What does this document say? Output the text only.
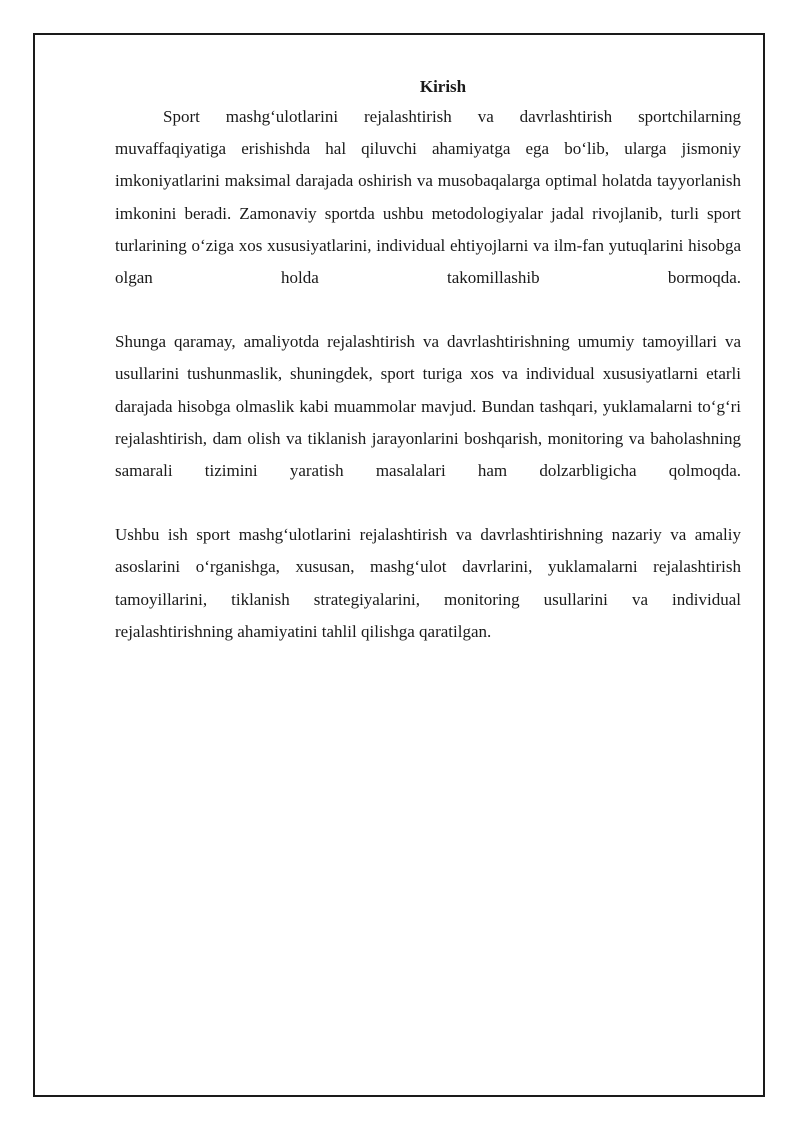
Kirish

Sport mashg‘ulotlarini rejalashtirish va davrlashtirish sportchilarning muvaffaqiyatiga erishishda hal qiluvchi ahamiyatga ega bo‘lib, ularga jismoniy imkoniyatlarini maksimal darajada oshirish va musobaqalarga optimal holatda tayyorlanish imkonini beradi. Zamonaviy sportda ushbu metodologiyalar jadal rivojlanib, turli sport turlarining o‘ziga xos xususiyatlarini, individual ehtiyojlarni va ilm-fan yutuqlarini hisobga olgan holda takomillashib bormoqda.

Shunga qaramay, amaliyotda rejalashtirish va davrlashtirishning umumiy tamoyillari va usullarini tushunmaslik, shuningdek, sport turiga xos va individual xususiyatlarni etarli darajada hisobga olmaslik kabi muammolar mavjud. Bundan tashqari, yuklamalarni to‘g‘ri rejalashtirish, dam olish va tiklanish jarayonlarini boshqarish, monitoring va baholashning samarali tizimini yaratish masalalari ham dolzarbligicha qolmoqda.

Ushbu ish sport mashg‘ulotlarini rejalashtirish va davrlashtirishning nazariy va amaliy asoslarini o‘rganishga, xususan, mashg‘ulot davrlarini, yuklamalarni rejalashtirish tamoyillarini, tiklanish strategiyalarini, monitoring usullarini va individual rejalashtirishning ahamiyatini tahlil qilishga qaratilgan.
